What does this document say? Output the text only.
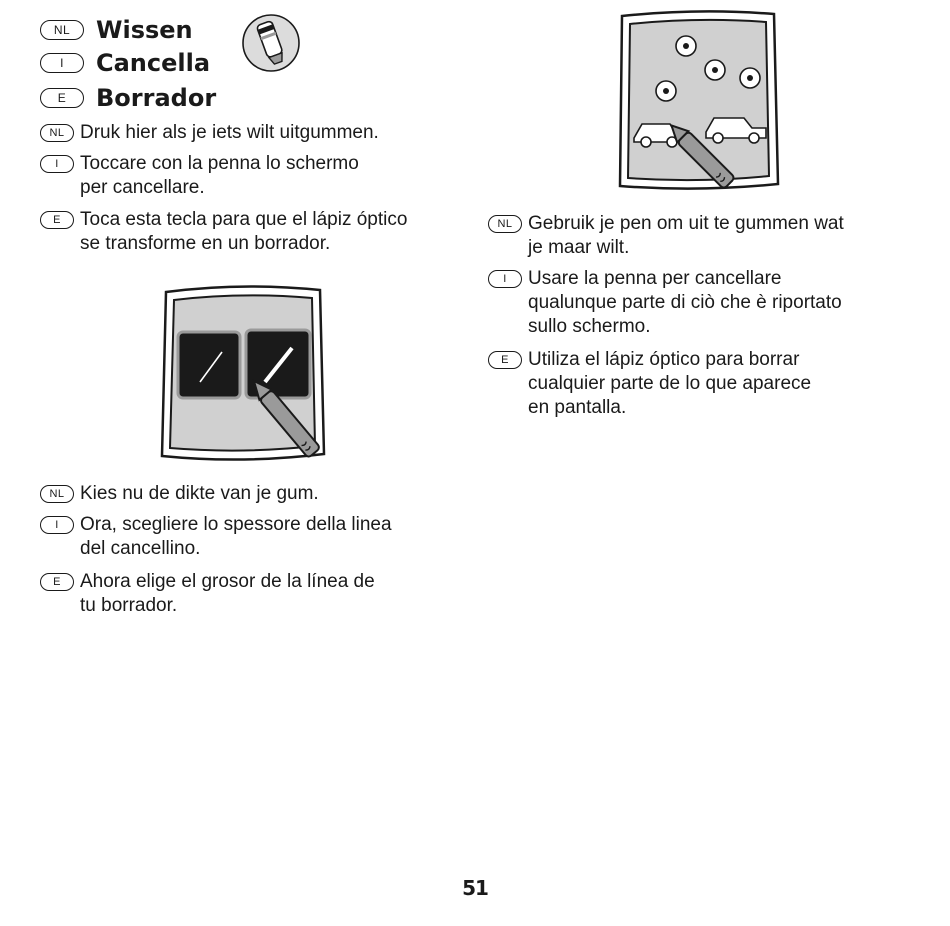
NL	Wissen
I	Cancella
E	Borrador
NL Druk hier als je iets wilt uitgummen.
I	Toccare con la penna lo schermo
per cancellare.
E	Toca esta tecla para que el lápiz óptico
se transforme en un borrador.
NL Kies nu de dikte van je gum.
I	Ora, scegliere lo spessore della linea
del cancellino.
E	Ahora elige el grosor de la línea de
tu borrador.
NL Gebruik je pen om uit te gummen wat
je maar wilt.
I	Usare la penna per cancellare
qualunque parte di ciò che è riportato
sullo schermo.
E	Utiliza el lápiz óptico para borrar
cualquier parte de lo que aparece
en pantalla.
51
